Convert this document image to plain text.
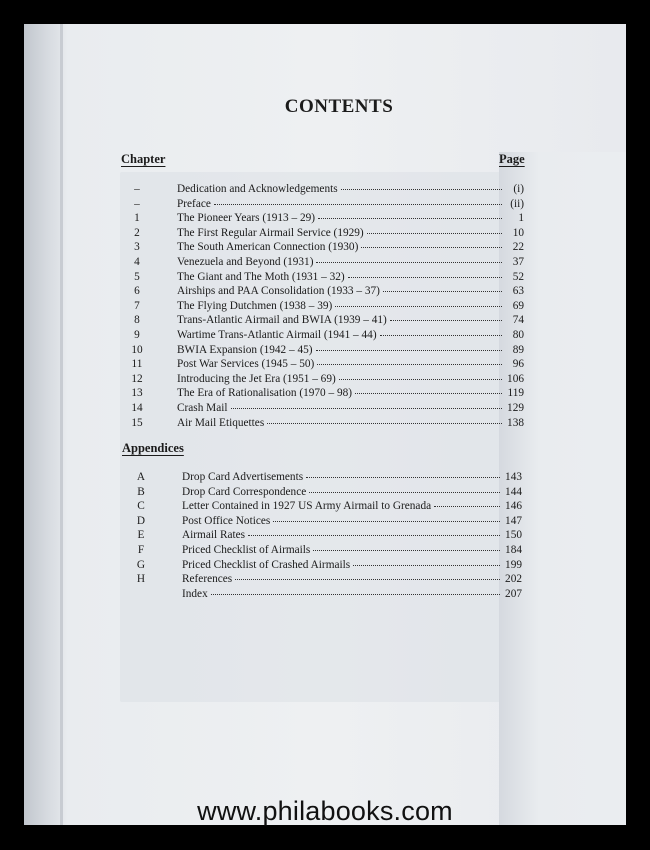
CONTENTS
Chapter	Page
–	Dedication and Acknowledgements	(i)
–	Preface	(ii)
1	The Pioneer Years (1913 – 29)	1
2	The First Regular Airmail Service (1929)	10
3	The South American Connection (1930)	22
4	Venezuela and Beyond (1931)	37
5	The Giant and The Moth (1931 – 32)	52
6	Airships and PAA Consolidation (1933 – 37)	63
7	The Flying Dutchmen (1938 – 39)	69
8	Trans-Atlantic Airmail and BWIA (1939 – 41)	74
9	Wartime Trans-Atlantic Airmail (1941 – 44)	80
10	BWIA Expansion (1942 – 45)	89
11	Post War Services (1945 – 50)	96
12	Introducing the Jet Era (1951 – 69)	106
13	The Era of Rationalisation (1970 – 98)	119
14	Crash Mail	129
15	Air Mail Etiquettes	138
Appendices
A	Drop Card Advertisements	143
B	Drop Card Correspondence	144
C	Letter Contained in 1927 US Army Airmail to Grenada	146
D	Post Office Notices	147
E	Airmail Rates	150
F	Priced Checklist of Airmails	184
G	Priced Checklist of Crashed Airmails	199
H	References	202
Index	207
www.philabooks.com
